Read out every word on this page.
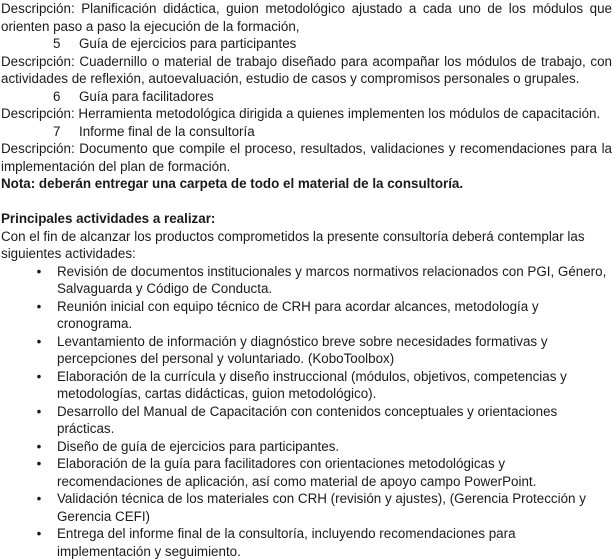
Descripción: Planificación didáctica, guion metodológico ajustado a cada uno de los módulos que orienten paso a paso la ejecución de la formación,

5 Guía de ejercicios para participantes

Descripción: Cuadernillo o material de trabajo diseñado para acompañar los módulos de trabajo, con actividades de reflexión, autoevaluación, estudio de casos y compromisos personales o grupales.

6 Guía para facilitadores

Descripción: Herramienta metodológica dirigida a quienes implementen los módulos de capacitación.

7 Informe final de la consultoría

Descripción: Documento que compile el proceso, resultados, validaciones y recomendaciones para la implementación del plan de formación.

Nota: deberán entregar una carpeta de todo el material de la consultoría.

Principales actividades a realizar:

Con el fin de alcanzar los productos comprometidos la presente consultoría deberá contemplar las siguientes actividades:

• Revisión de documentos institucionales y marcos normativos relacionados con PGI, Género, Salvaguarda y Código de Conducta.
• Reunión inicial con equipo técnico de CRH para acordar alcances, metodología y cronograma.
• Levantamiento de información y diagnóstico breve sobre necesidades formativas y percepciones del personal y voluntariado. (KoboToolbox)
• Elaboración de la currícula y diseño instruccional (módulos, objetivos, competencias y metodologías, cartas didácticas, guion metodológico).
• Desarrollo del Manual de Capacitación con contenidos conceptuales y orientaciones prácticas.
• Diseño de guía de ejercicios para participantes.
• Elaboración de la guía para facilitadores con orientaciones metodológicas y recomendaciones de aplicación, así como material de apoyo campo PowerPoint.
• Validación técnica de los materiales con CRH (revisión y ajustes), (Gerencia Protección y Gerencia CEFI)
• Entrega del informe final de la consultoría, incluyendo recomendaciones para implementación y seguimiento.
